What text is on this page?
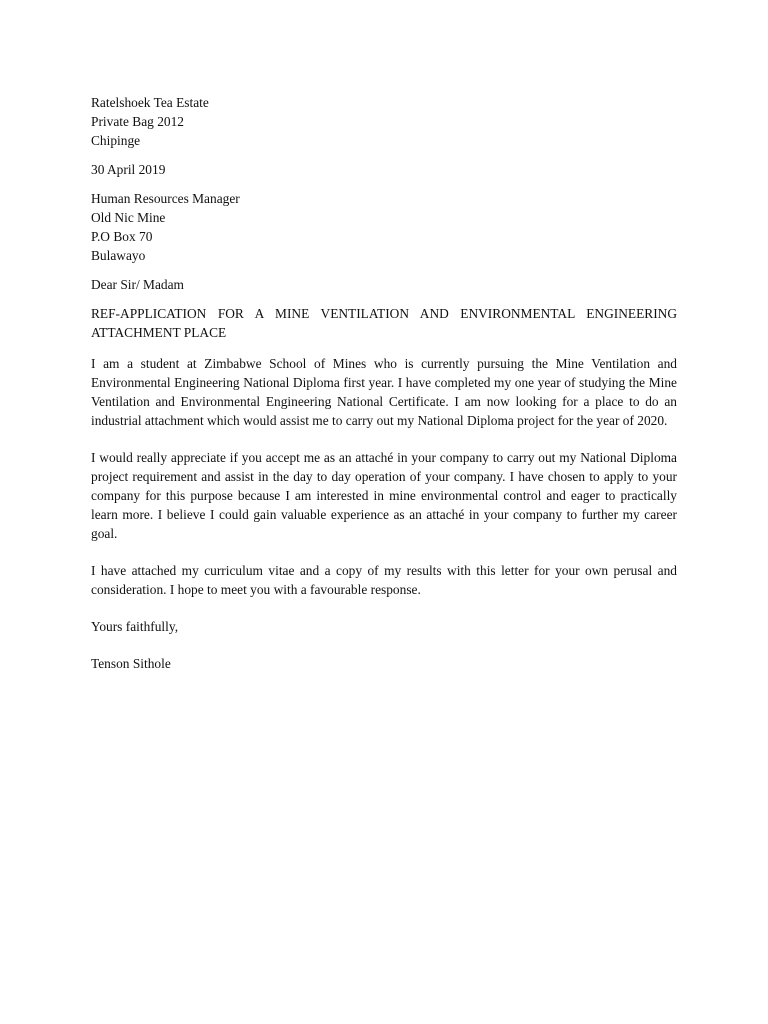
Ratelshoek Tea Estate
Private Bag 2012
Chipinge
30 April 2019
Human Resources Manager
Old Nic Mine
P.O Box 70
Bulawayo
Dear Sir/ Madam

REF-APPLICATION FOR A MINE VENTILATION AND ENVIRONMENTAL ENGINEERING ATTACHMENT PLACE

I am a student at Zimbabwe School of Mines who is currently pursuing the Mine Ventilation and Environmental Engineering National Diploma first year. I have completed my one year of studying the Mine Ventilation and Environmental Engineering National Certificate. I am now looking for a place to do an industrial attachment which would assist me to carry out my National Diploma project for the year of 2020.

I would really appreciate if you accept me as an attaché in your company to carry out my National Diploma project requirement and assist in the day to day operation of your company. I have chosen to apply to your company for this purpose because I am interested in mine environmental control and eager to practically learn more. I believe I could gain valuable experience as an attaché in your company to further my career goal.

I have attached my curriculum vitae and a copy of my results with this letter for your own perusal and consideration. I hope to meet you with a favourable response.

Yours faithfully,
Tenson Sithole
